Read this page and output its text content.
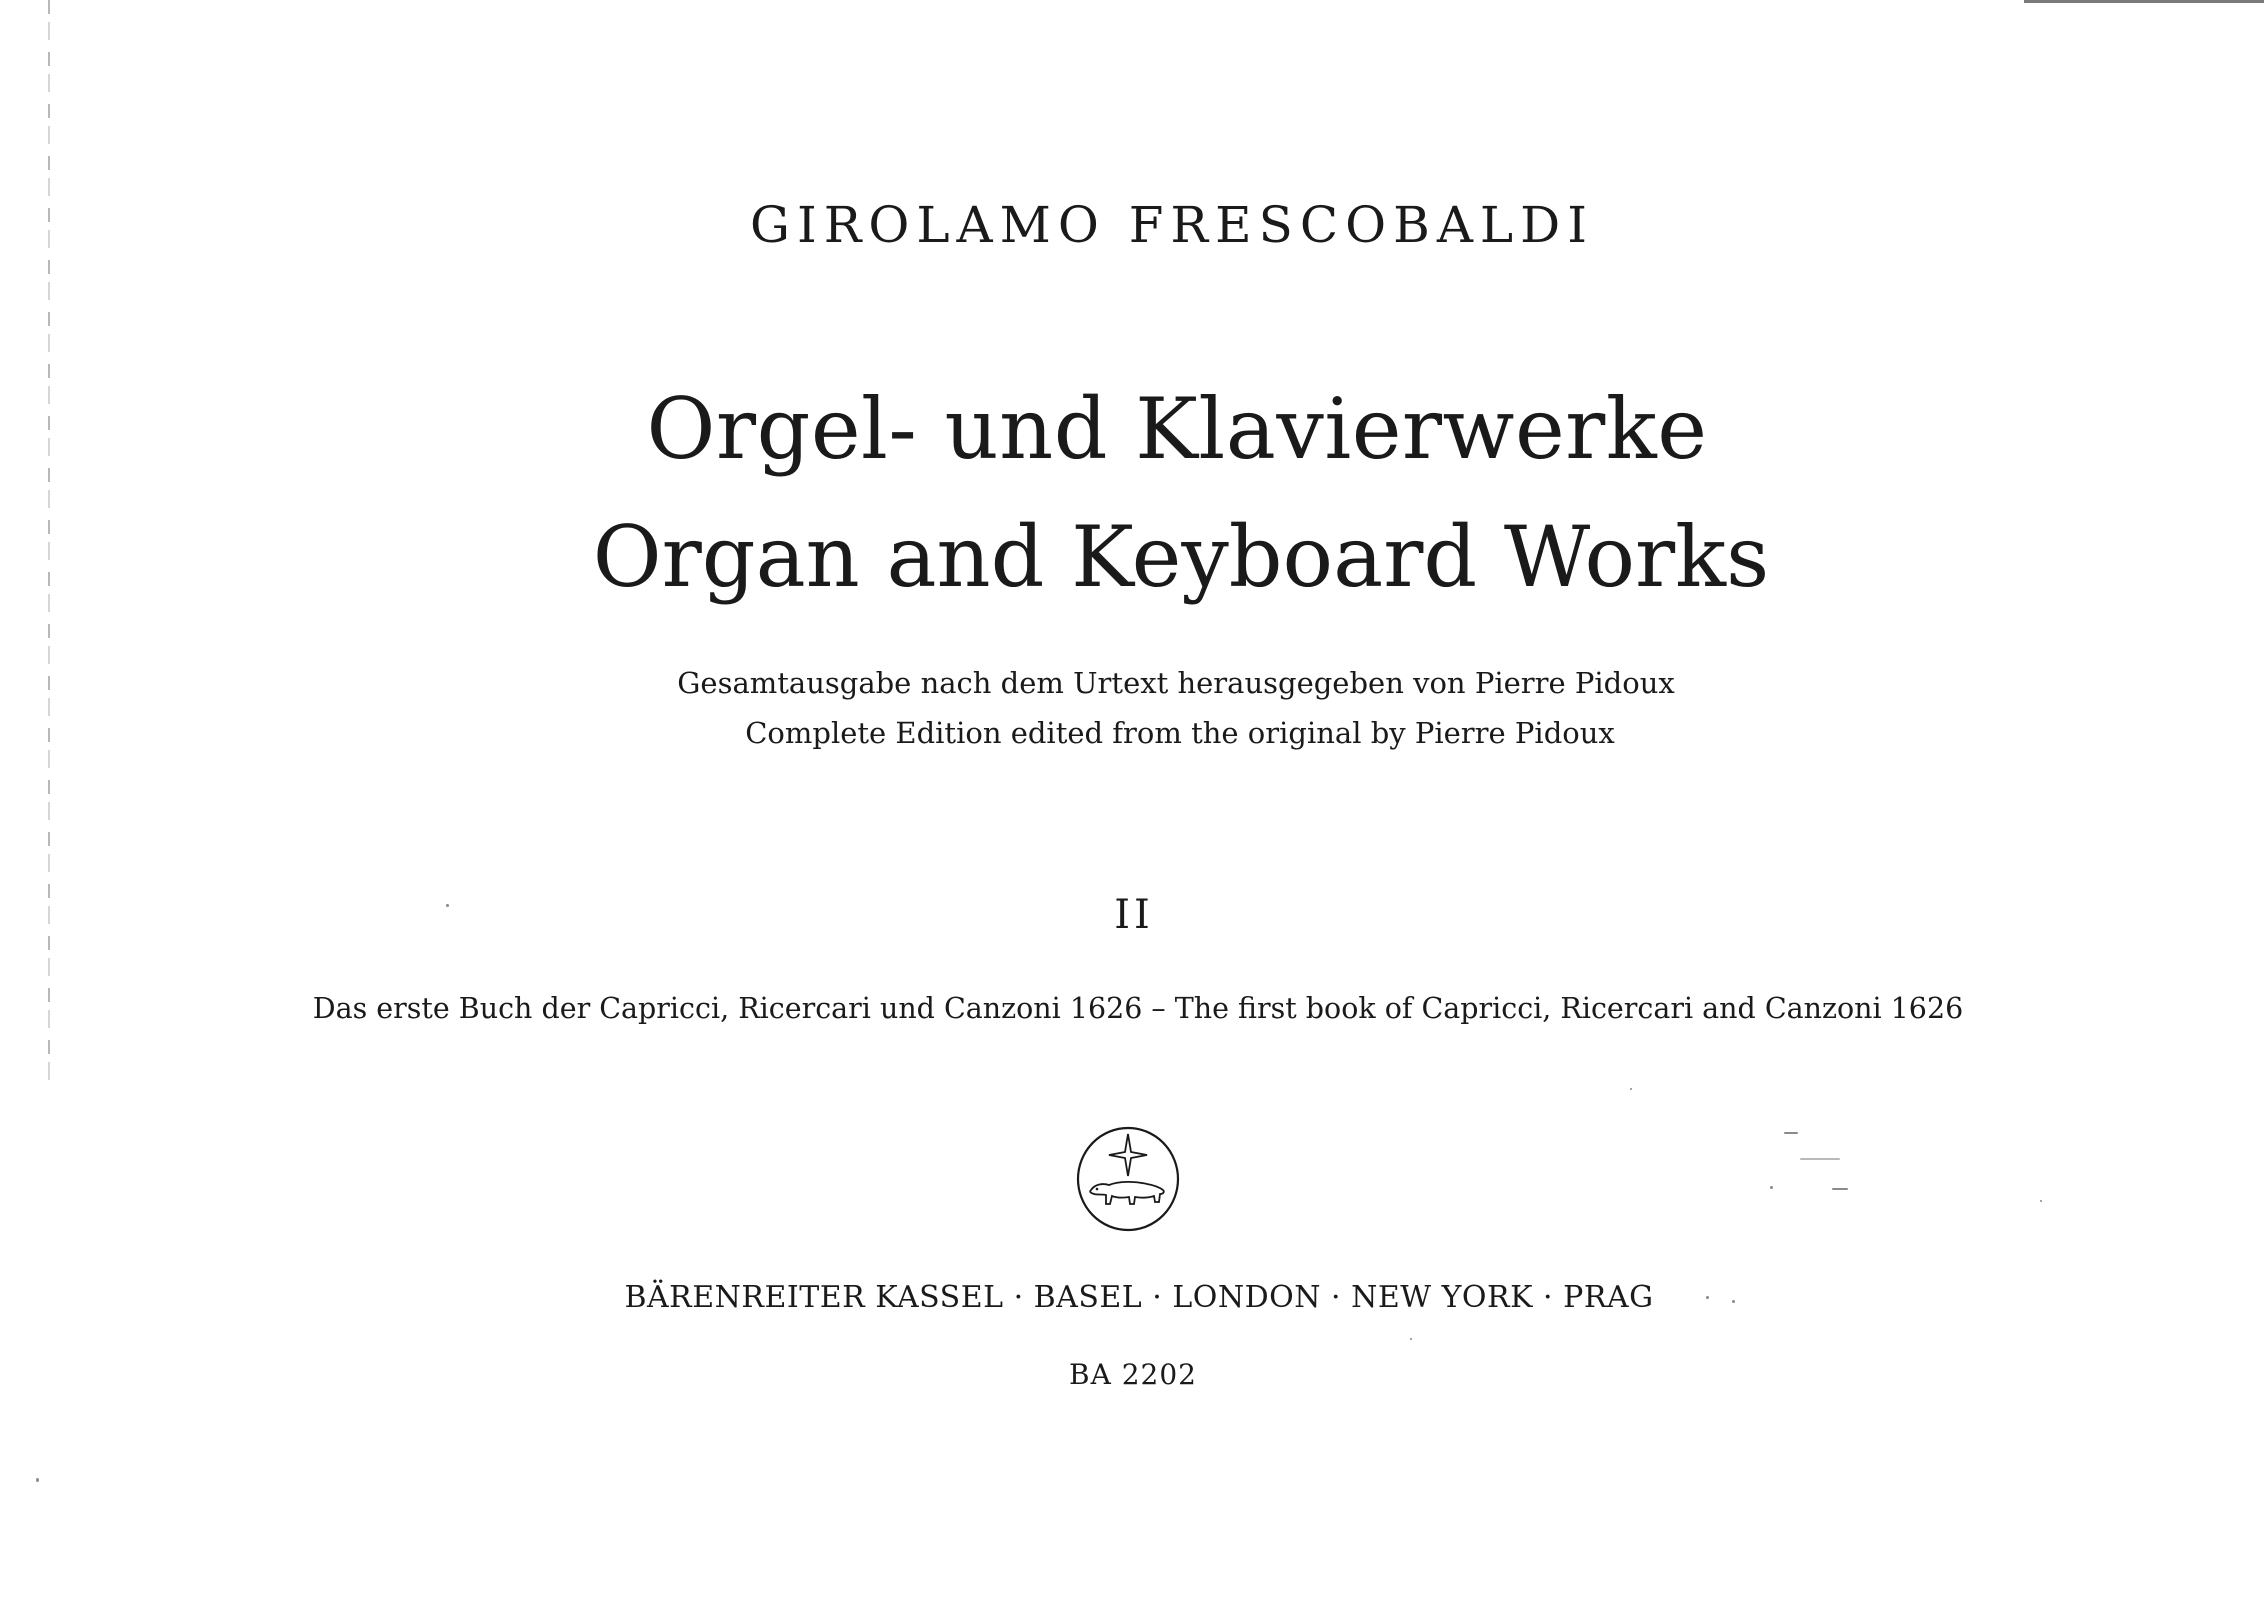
GIROLAMO FRESCOBALDI
Orgel- und Klavierwerke
Organ and Keyboard Works
Gesamtausgabe nach dem Urtext herausgegeben von Pierre Pidoux
Complete Edition edited from the original by Pierre Pidoux
II
Das erste Buch der Capricci, Ricercari und Canzoni 1626 – The first book of Capricci, Ricercari and Canzoni 1626
BÄRENREITER KASSEL · BASEL · LONDON · NEW YORK · PRAG
BA 2202
